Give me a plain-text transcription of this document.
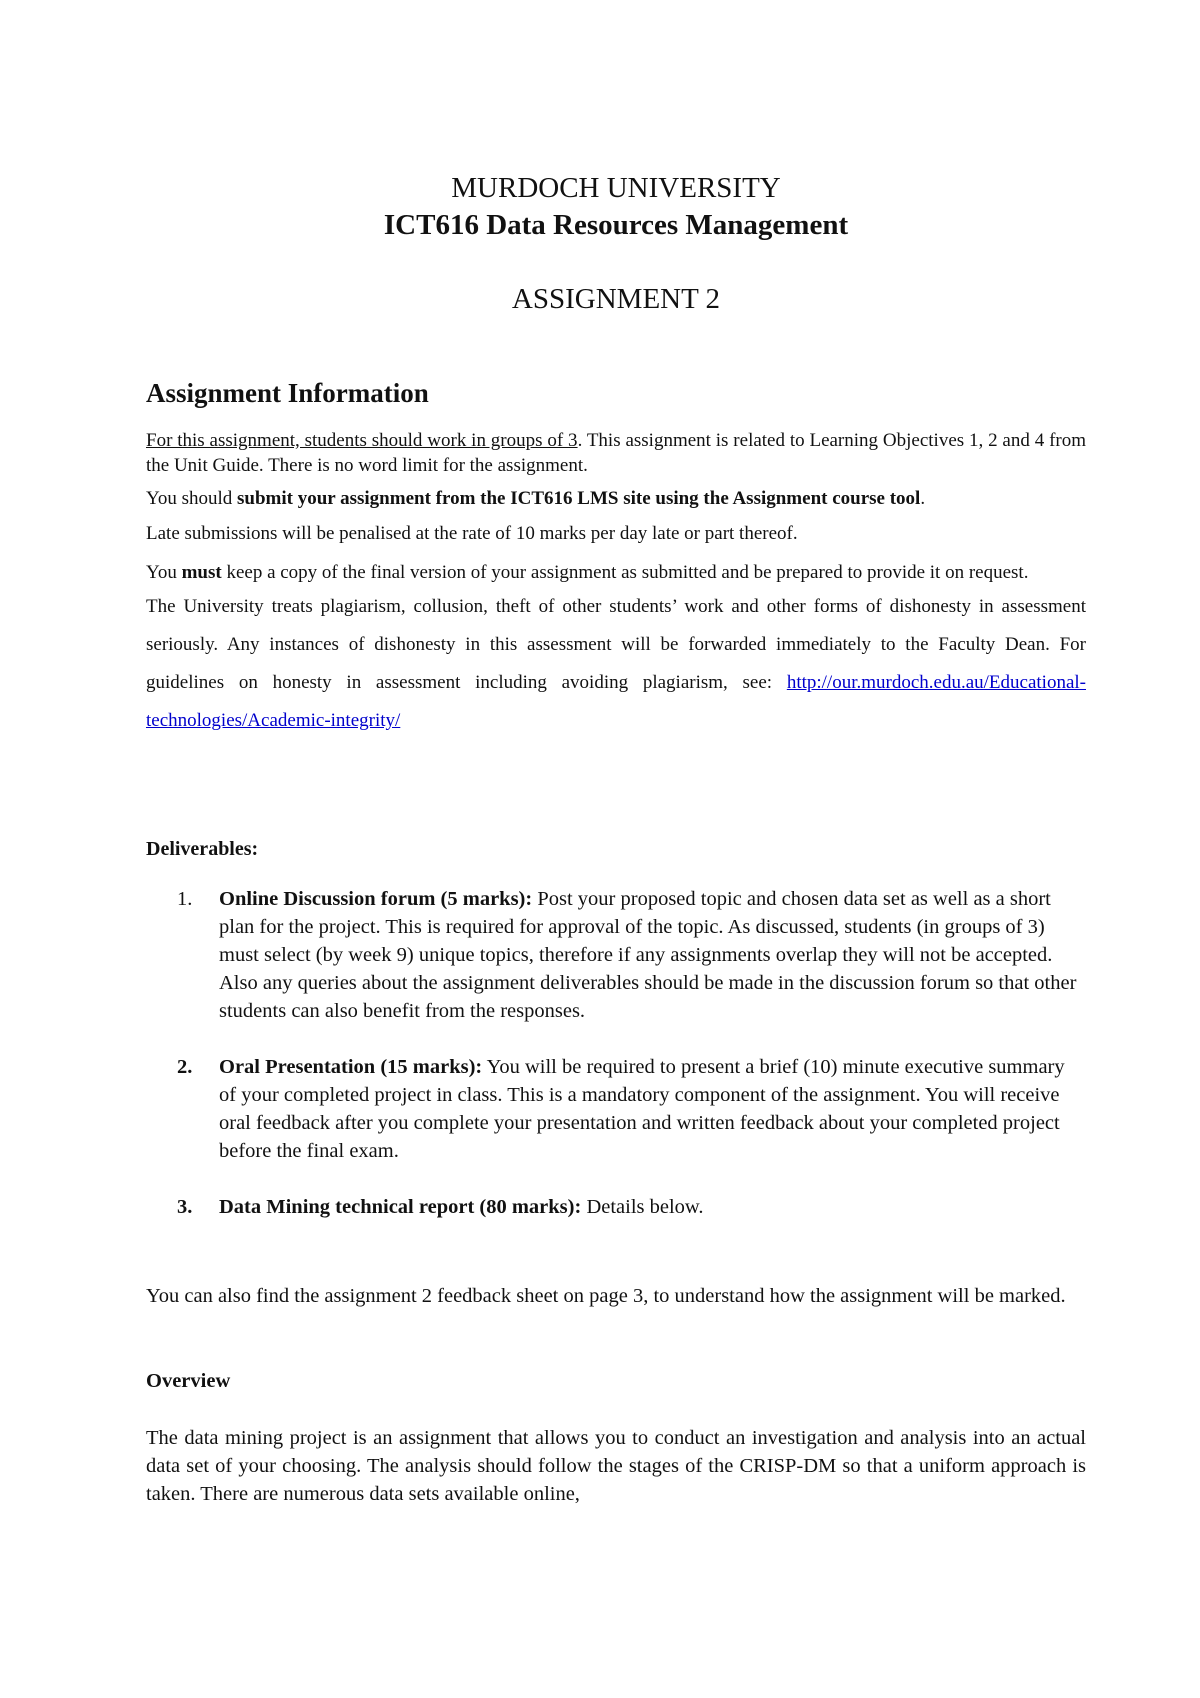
MURDOCH UNIVERSITY
ICT616 Data Resources Management
ASSIGNMENT 2
Assignment Information

For this assignment, students should work in groups of 3. This assignment is related to Learning Objectives 1, 2 and 4 from the Unit Guide. There is no word limit for the assignment.

You should submit your assignment from the ICT616 LMS site using the Assignment course tool.

Late submissions will be penalised at the rate of 10 marks per day late or part thereof.

You must keep a copy of the final version of your assignment as submitted and be prepared to provide it on request.

The University treats plagiarism, collusion, theft of other students’ work and other forms of dishonesty in assessment seriously. Any instances of dishonesty in this assessment will be forwarded immediately to the Faculty Dean. For guidelines on honesty in assessment including avoiding plagiarism, see: http://our.murdoch.edu.au/Educational-technologies/Academic-integrity/

Deliverables:
1. Online Discussion forum (5 marks): Post your proposed topic and chosen data set as well as a short plan for the project. This is required for approval of the topic. As discussed, students (in groups of 3) must select (by week 9) unique topics, therefore if any assignments overlap they will not be accepted. Also any queries about the assignment deliverables should be made in the discussion forum so that other students can also benefit from the responses.
2. Oral Presentation (15 marks): You will be required to present a brief (10) minute executive summary of your completed project in class. This is a mandatory component of the assignment. You will receive oral feedback after you complete your presentation and written feedback about your completed project before the final exam.
3. Data Mining technical report (80 marks): Details below.
You can also find the assignment 2 feedback sheet on page 3, to understand how the assignment will be marked.
Overview
The data mining project is an assignment that allows you to conduct an investigation and analysis into an actual data set of your choosing. The analysis should follow the stages of the CRISP-DM so that a uniform approach is taken. There are numerous data sets available online,
